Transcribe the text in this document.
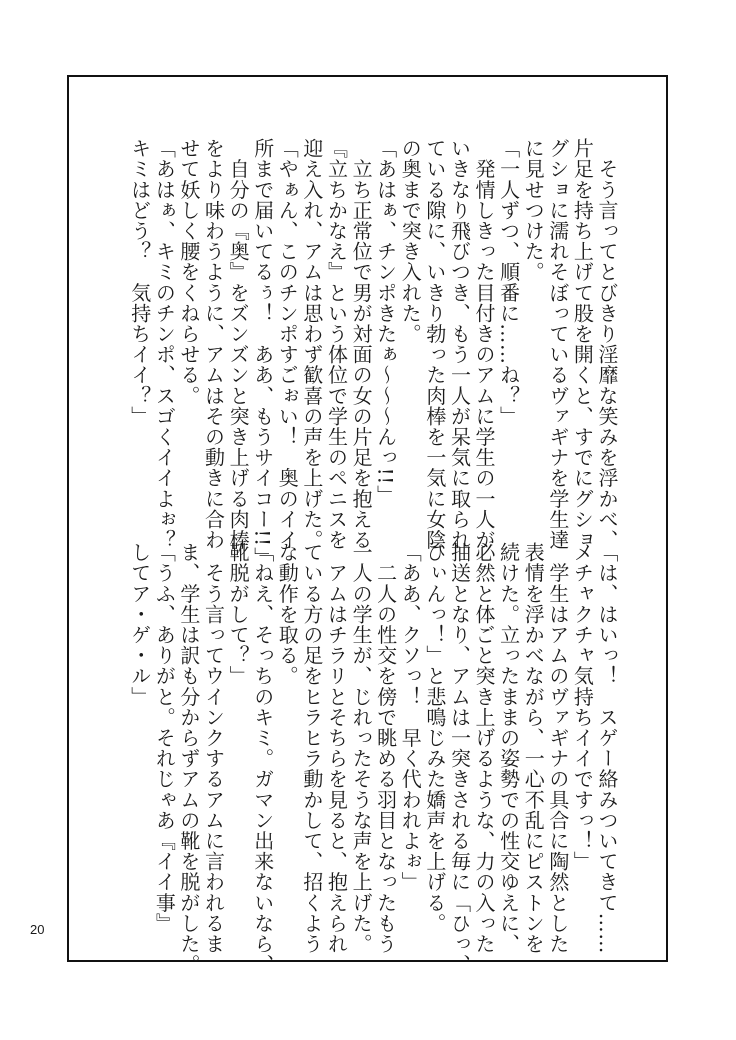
　そう言ってとびきり淫靡な笑みを浮かべ、
片足を持ち上げて股を開くと、すでにグショ
グショに濡れそぼっているヴァギナを学生達
に見せつけた。
「一人ずつ、順番に……ね？」
　発情しきった目付きのアムに学生の一人が
いきなり飛びつき、もう一人が呆気に取られ
ている隙に、いきり勃った肉棒を一気に女陰
の奥まで突き入れた。
「あはぁ、チンポきたぁ〜〜〜んっ!!」
　立ち正常位で男が対面の女の片足を抱える
『立ちかなえ』という体位で学生のペニスを
迎え入れ、アムは思わず歓喜の声を上げた。
「やぁん、このチンポすごぉい！　奥のイイ
所まで届いてるぅ！　ああ、もうサイコー!!」
　自分の『奥』をズンズンと突き上げる肉棒
をより味わうように、アムはその動きに合わ
せて妖しく腰をくねらせる。
「あはぁ、キミのチンポ、スゴくイイよぉ？
キミはどう？　気持ちイイ？」
「は、はいっ！　スゲー絡みついてきて……
メチャクチャ気持ちイイですっ！」
　学生はアムのヴァギナの具合に陶然とした
表情を浮かべながら、一心不乱にピストンを
続けた。立ったままの姿勢での性交ゆえに、
必然と体ごと突き上げるような、力の入った
抽送となり、アムは一突きされる毎に「ひっ、
ひぃんっ！」と悲鳴じみた嬌声を上げる。
「ああ、クソっ！　早く代われよぉ」
　二人の性交を傍で眺める羽目となったもう
一人の学生が、じれったそうな声を上げた。
　アムはチラリとそちらを見ると、抱えられ
ている方の足をヒラヒラ動かして、招くよう
な動作を取る。
「ねえ、そっちのキミ。ガマン出来ないなら、
靴脱がして？」
　そう言ってウインクするアムに言われるま
ま、学生は訳も分からずアムの靴を脱がした。
「うふ、ありがと。それじゃあ『イイ事』
してア・ゲ・ル」
20
